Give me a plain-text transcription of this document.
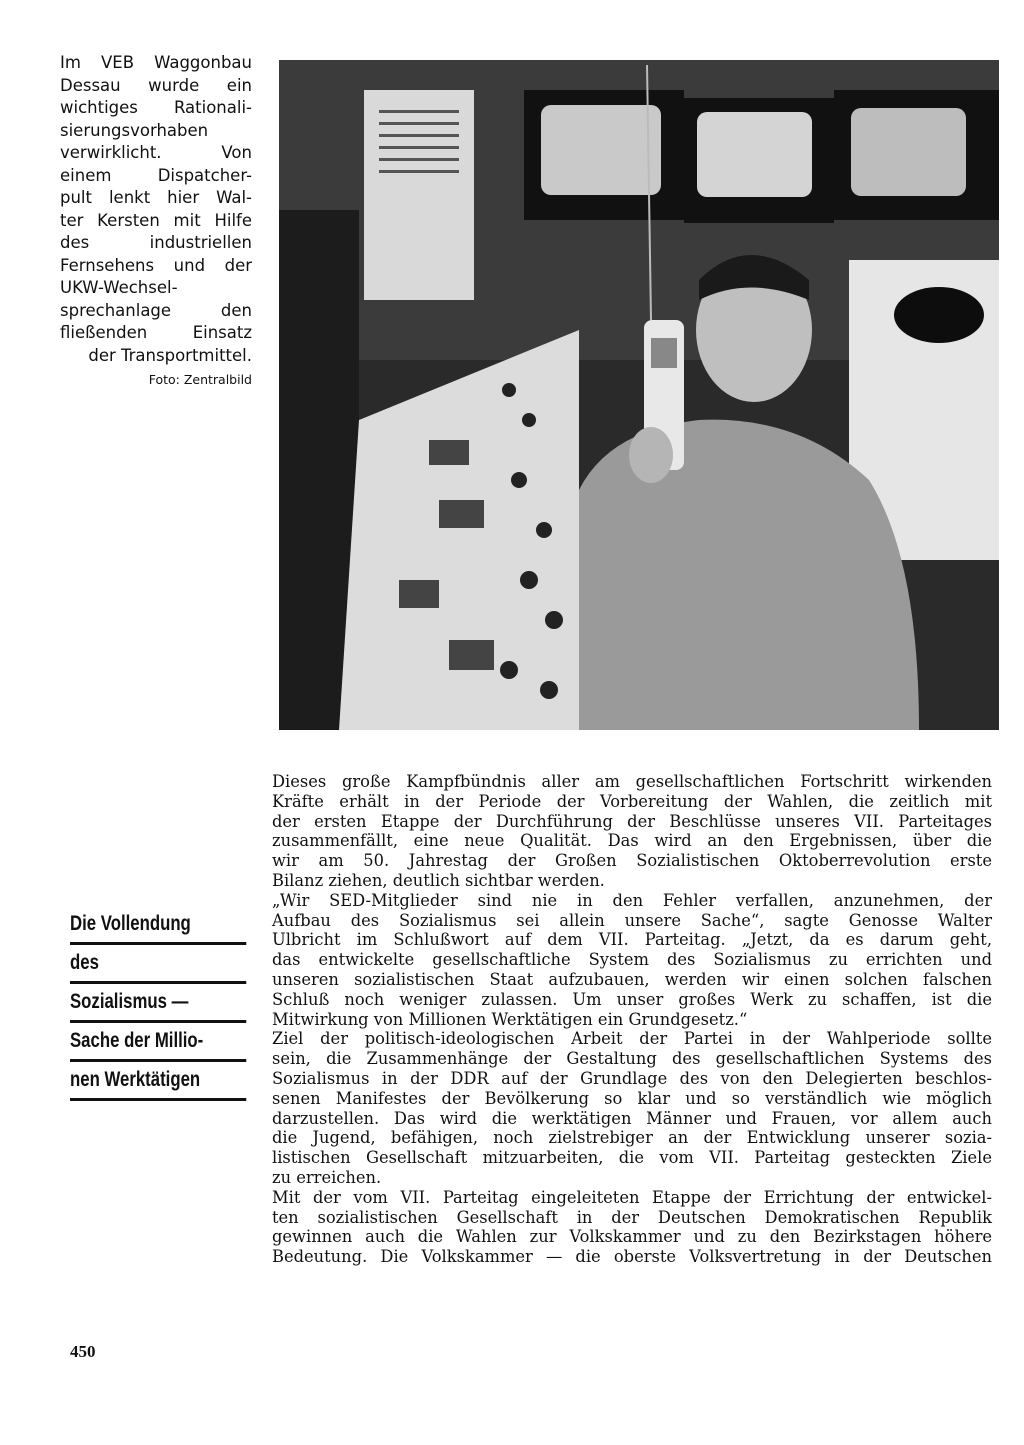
Im VEB Waggonbau
Dessau wurde ein
wichtiges Rationali-
sierungsvorhaben
verwirklicht. Von
einem Dispatcher-
pult lenkt hier Wal-
ter Kersten mit Hilfe
des industriellen
Fernsehens und der
UKW-Wechsel-
sprechanlage den
fließenden Einsatz
der Transportmittel.
Foto: Zentralbild
Die Vollendung
des
Sozialismus —
Sache der Millio-
nen Werktätigen

Dieses große Kampfbündnis aller am gesellschaftlichen Fortschritt wirkenden
Kräfte erhält in der Periode der Vorbereitung der Wahlen, die zeitlich mit
der ersten Etappe der Durchführung der Beschlüsse unseres VII. Parteitages
zusammenfällt, eine neue Qualität. Das wird an den Ergebnissen, über die
wir am 50. Jahrestag der Großen Sozialistischen Oktoberrevolution erste
Bilanz ziehen, deutlich sichtbar werden.

„Wir SED-Mitglieder sind nie in den Fehler verfallen, anzunehmen, der
Aufbau des Sozialismus sei allein unsere Sache“, sagte Genosse Walter
Ulbricht im Schlußwort auf dem VII. Parteitag. „Jetzt, da es darum geht,
das entwickelte gesellschaftliche System des Sozialismus zu errichten und
unseren sozialistischen Staat aufzubauen, werden wir einen solchen falschen
Schluß noch weniger zulassen. Um unser großes Werk zu schaffen, ist die
Mitwirkung von Millionen Werktätigen ein Grundgesetz.“

Ziel der politisch-ideologischen Arbeit der Partei in der Wahlperiode sollte
sein, die Zusammenhänge der Gestaltung des gesellschaftlichen Systems des
Sozialismus in der DDR auf der Grundlage des von den Delegierten beschlos-
senen Manifestes der Bevölkerung so klar und so verständlich wie möglich
darzustellen. Das wird die werktätigen Männer und Frauen, vor allem auch
die Jugend, befähigen, noch zielstrebiger an der Entwicklung unserer sozia-
listischen Gesellschaft mitzuarbeiten, die vom VII. Parteitag gesteckten Ziele
zu erreichen.

Mit der vom VII. Parteitag eingeleiteten Etappe der Errichtung der entwickel-
ten sozialistischen Gesellschaft in der Deutschen Demokratischen Republik
gewinnen auch die Wahlen zur Volkskammer und zu den Bezirkstagen höhere
Bedeutung. Die Volkskammer — die oberste Volksvertretung in der Deutschen

450
